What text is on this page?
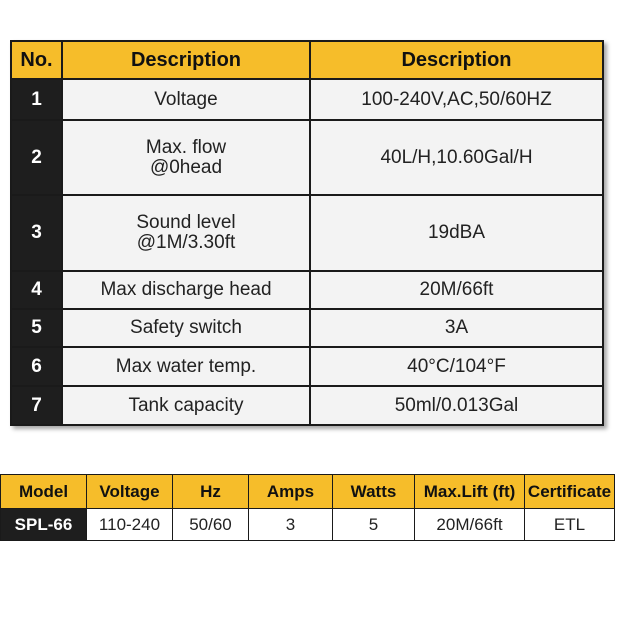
No.	Description	Description
1	Voltage	100-240V,AC,50/60HZ
2	Max. flow
@0head	40L/H,10.60Gal/H
3	Sound level
@1M/3.30ft	19dBA
4	Max discharge head	20M/66ft
5	Safety switch	3A
6	Max water temp.	40°C/104°F
7	Tank capacity	50ml/0.013Gal
Model	Voltage	Hz	Amps	Watts	Max.Lift (ft)	Certificate
SPL-66	110-240	50/60	3	5	20M/66ft	ETL
